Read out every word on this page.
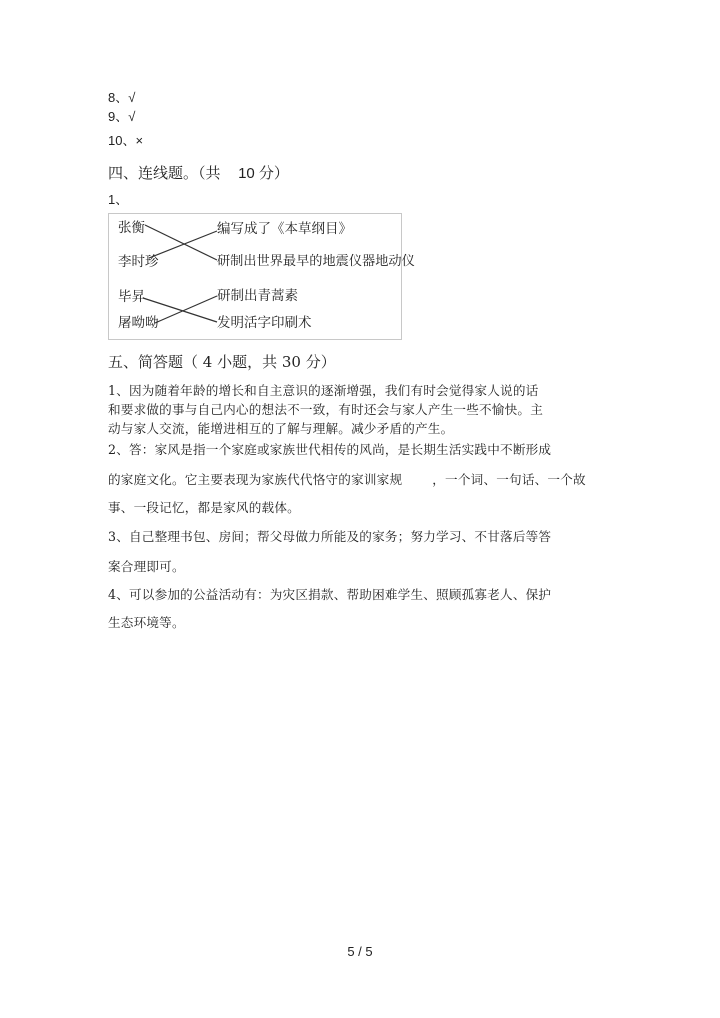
8、√
9、√
10、×
四、连线题。（共 10 分）
1、
张衡
李时珍
毕昇
屠呦呦
编写成了《本草纲目》
研制出世界最早的地震仪器地动仪
研制出青蒿素
发明活字印刷术
五、简答题（ 4 小题，共 30 分）
1、因为随着年龄的增长和自主意识的逐渐增强，我们有时会觉得家人说的话
和要求做的事与自己内心的想法不一致，有时还会与家人产生一些不愉快。主
动与家人交流，能增进相互的了解与理解。减少矛盾的产生。
2、答：家风是指一个家庭或家族世代相传的风尚，是长期生活实践中不断形成
的家庭文化。它主要表现为家族代代恪守的家训家规 ，一个词、一句话、一个故
事、一段记忆，都是家风的载体。
3、自己整理书包、房间；帮父母做力所能及的家务；努力学习、不甘落后等答
案合理即可。
4、可以参加的公益活动有：为灾区捐款、帮助困难学生、照顾孤寡老人、保护
生态环境等。
5 / 5
